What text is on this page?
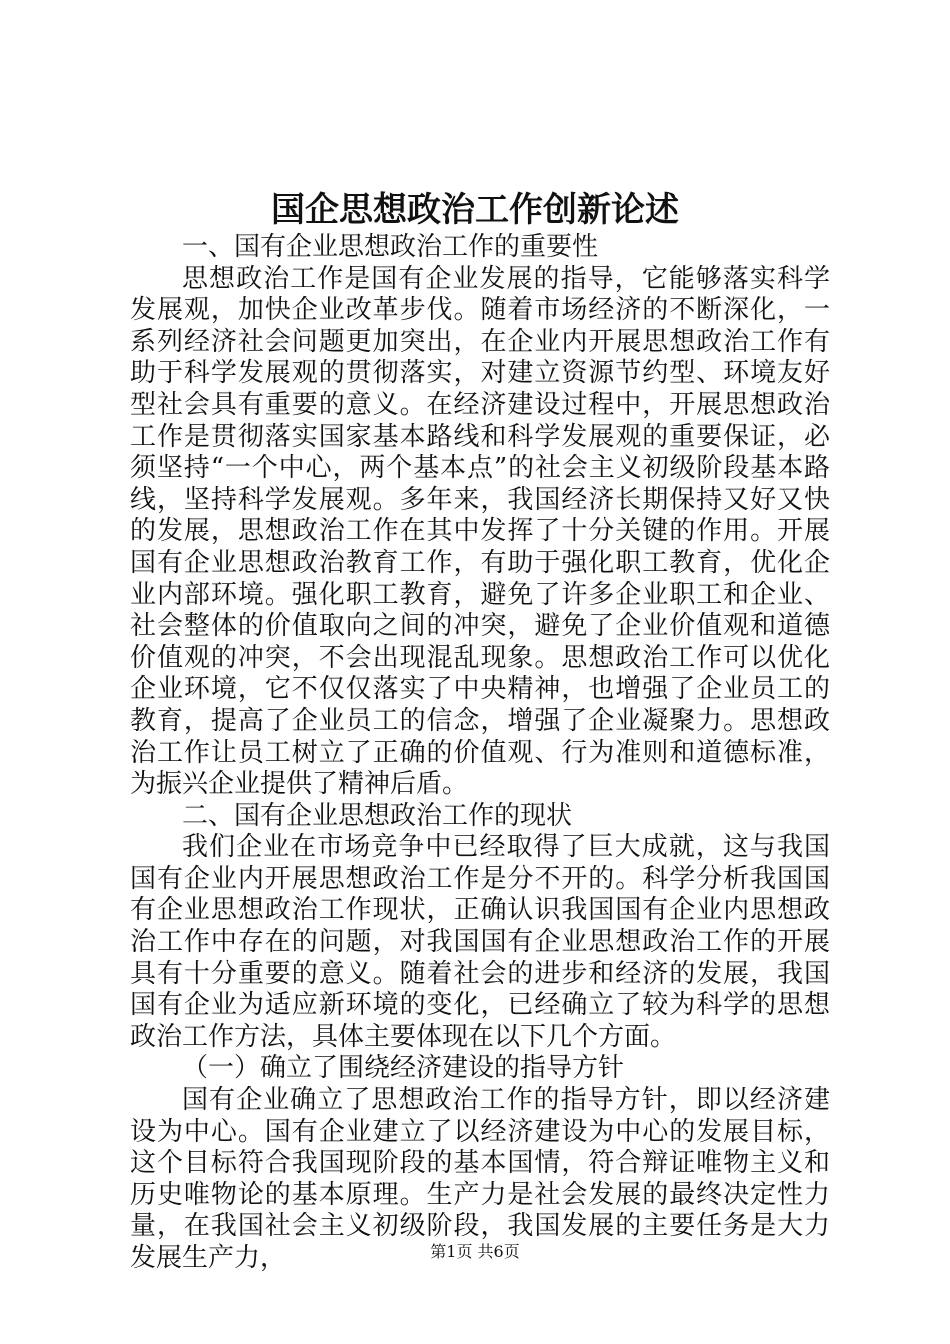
国企思想政治工作创新论述

一、国有企业思想政治工作的重要性

思想政治工作是国有企业发展的指导，它能够落实科学发展观，加快企业改革步伐。随着市场经济的不断深化，一系列经济社会问题更加突出，在企业内开展思想政治工作有助于科学发展观的贯彻落实，对建立资源节约型、环境友好型社会具有重要的意义。在经济建设过程中，开展思想政治工作是贯彻落实国家基本路线和科学发展观的重要保证，必须坚持“一个中心，两个基本点”的社会主义初级阶段基本路线，坚持科学发展观。多年来，我国经济长期保持又好又快的发展，思想政治工作在其中发挥了十分关键的作用。开展国有企业思想政治教育工作，有助于强化职工教育，优化企业内部环境。强化职工教育，避免了许多企业职工和企业、社会整体的价值取向之间的冲突，避免了企业价值观和道德价值观的冲突，不会出现混乱现象。思想政治工作可以优化企业环境，它不仅仅落实了中央精神，也增强了企业员工的教育，提高了企业员工的信念，增强了企业凝聚力。思想政治工作让员工树立了正确的价值观、行为准则和道德标准，为振兴企业提供了精神后盾。

二、国有企业思想政治工作的现状

我们企业在市场竞争中已经取得了巨大成就，这与我国国有企业内开展思想政治工作是分不开的。科学分析我国国有企业思想政治工作现状，正确认识我国国有企业内思想政治工作中存在的问题，对我国国有企业思想政治工作的开展具有十分重要的意义。随着社会的进步和经济的发展，我国国有企业为适应新环境的变化，已经确立了较为科学的思想政治工作方法，具体主要体现在以下几个方面。

（一）确立了围绕经济建设的指导方针

国有企业确立了思想政治工作的指导方针，即以经济建设为中心。国有企业建立了以经济建设为中心的发展目标，这个目标符合我国现阶段的基本国情，符合辩证唯物主义和历史唯物论的基本原理。生产力是社会发展的最终决定性力量，在我国社会主义初级阶段，我国发展的主要任务是大力发展生产力，	第1页 共6页
